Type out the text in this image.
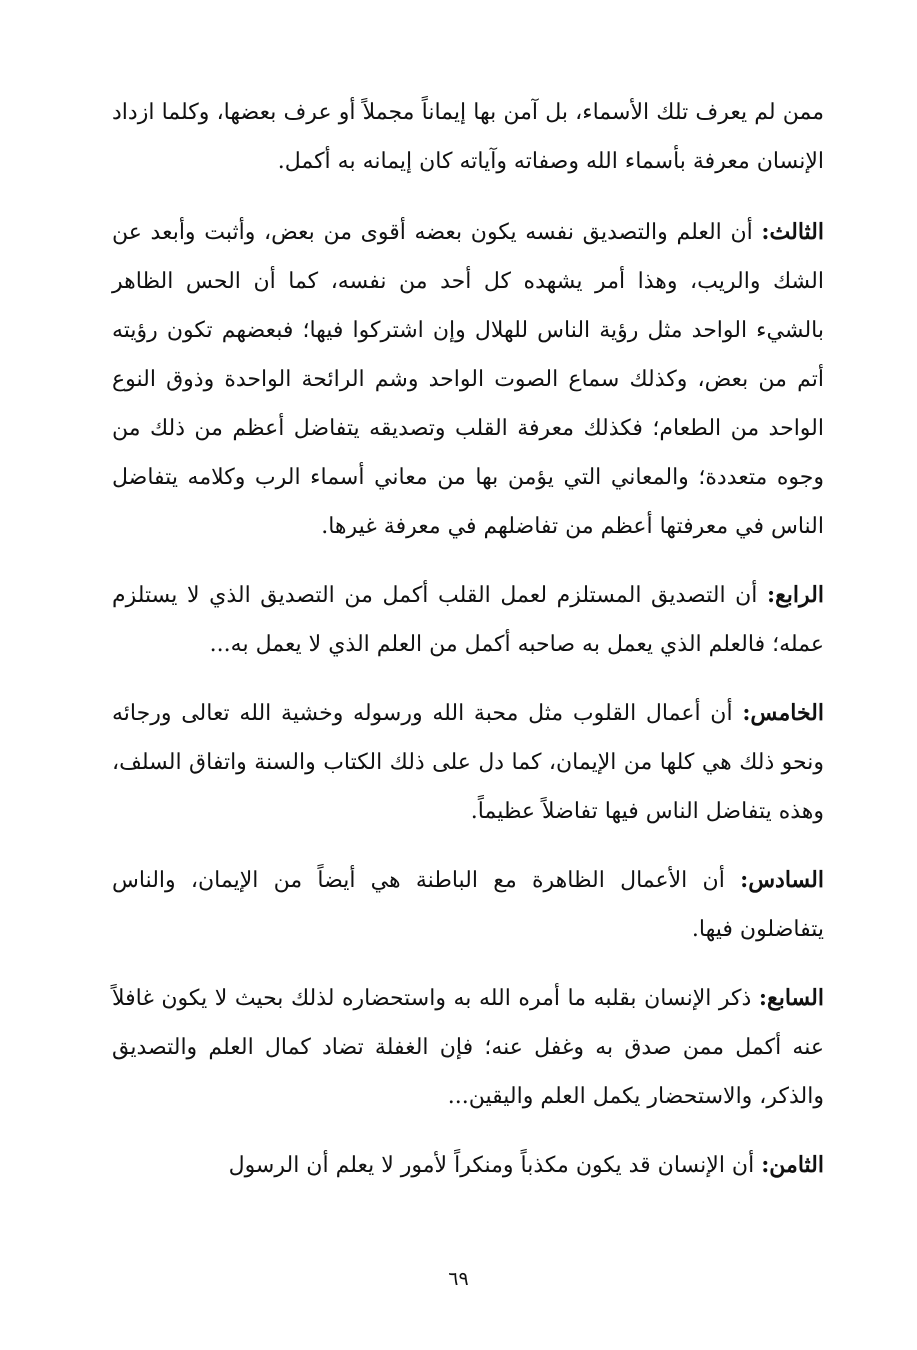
ممن لم يعرف تلك الأسماء، بل آمن بها إيماناً مجملاً أو عرف بعضها، وكلما ازداد الإنسان معرفة بأسماء الله وصفاته وآياته كان إيمانه به أكمل.

الثالث: أن العلم والتصديق نفسه يكون بعضه أقوى من بعض، وأثبت وأبعد عن الشك والريب، وهذا أمر يشهده كل أحد من نفسه، كما أن الحس الظاهر بالشيء الواحد مثل رؤية الناس للهلال وإن اشتركوا فيها؛ فبعضهم تكون رؤيته أتم من بعض، وكذلك سماع الصوت الواحد وشم الرائحة الواحدة وذوق النوع الواحد من الطعام؛ فكذلك معرفة القلب وتصديقه يتفاضل أعظم من ذلك من وجوه متعددة؛ والمعاني التي يؤمن بها من معاني أسماء الرب وكلامه يتفاضل الناس في معرفتها أعظم من تفاضلهم في معرفة غيرها.

الرابع: أن التصديق المستلزم لعمل القلب أكمل من التصديق الذي لا يستلزم عمله؛ فالعلم الذي يعمل به صاحبه أكمل من العلم الذي لا يعمل به...

الخامس: أن أعمال القلوب مثل محبة الله ورسوله وخشية الله تعالى ورجائه ونحو ذلك هي كلها من الإيمان، كما دل على ذلك الكتاب والسنة واتفاق السلف، وهذه يتفاضل الناس فيها تفاضلاً عظيماً.

السادس: أن الأعمال الظاهرة مع الباطنة هي أيضاً من الإيمان، والناس يتفاضلون فيها.

السابع: ذكر الإنسان بقلبه ما أمره الله به واستحضاره لذلك بحيث لا يكون غافلاً عنه أكمل ممن صدق به وغفل عنه؛ فإن الغفلة تضاد كمال العلم والتصديق والذكر، والاستحضار يكمل العلم واليقين...

الثامن: أن الإنسان قد يكون مكذباً ومنكراً لأمور لا يعلم أن الرسول

٦٩
